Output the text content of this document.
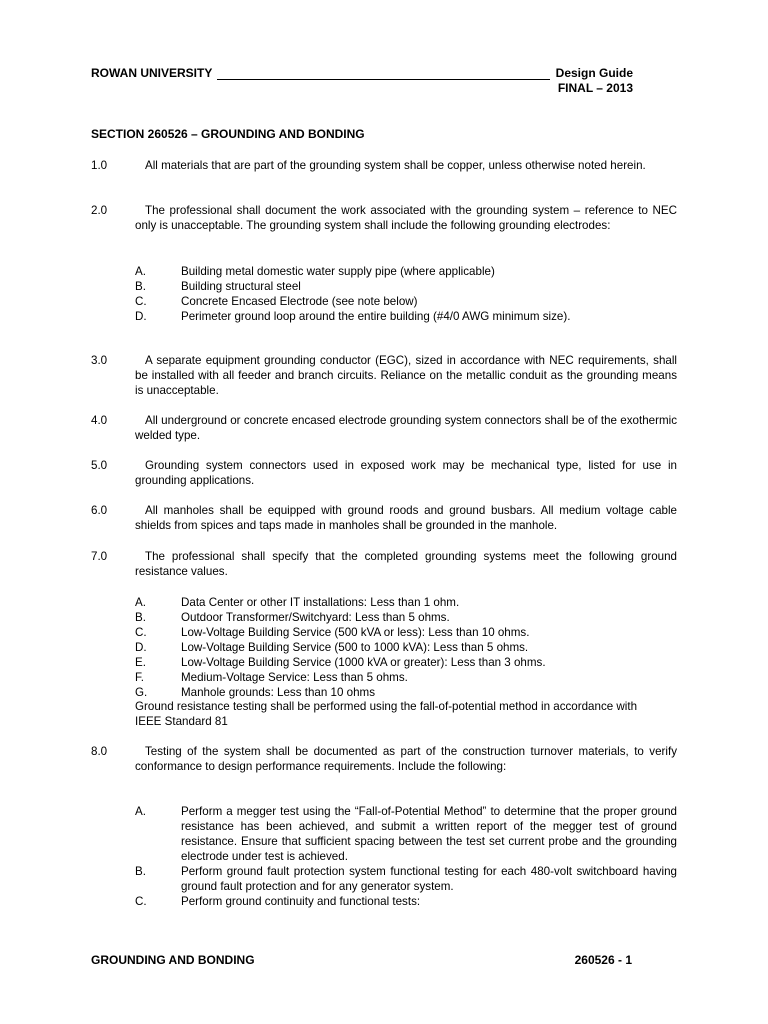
ROWAN UNIVERSITY	Design Guide
FINAL – 2013
SECTION 260526 – GROUNDING AND BONDING
1.0	All materials that are part of the grounding system shall be copper, unless otherwise noted herein.
2.0	The professional shall document the work associated with the grounding system – reference to NEC only is unacceptable. The grounding system shall include the following grounding electrodes:
A.	Building metal domestic water supply pipe (where applicable)
B.	Building structural steel
C.	Concrete Encased Electrode (see note below)
D.	Perimeter ground loop around the entire building (#4/0 AWG minimum size).
3.0	A separate equipment grounding conductor (EGC), sized in accordance with NEC requirements, shall be installed with all feeder and branch circuits. Reliance on the metallic conduit as the grounding means is unacceptable.
4.0	All underground or concrete encased electrode grounding system connectors shall be of the exothermic welded type.
5.0	Grounding system connectors used in exposed work may be mechanical type, listed for use in grounding applications.
6.0	All manholes shall be equipped with ground roods and ground busbars. All medium voltage cable shields from spices and taps made in manholes shall be grounded in the manhole.
7.0	The professional shall specify that the completed grounding systems meet the following ground resistance values.
A.	Data Center or other IT installations: Less than 1 ohm.
B.	Outdoor Transformer/Switchyard: Less than 5 ohms.
C.	Low-Voltage Building Service (500 kVA or less): Less than 10 ohms.
D.	Low-Voltage Building Service (500 to 1000 kVA): Less than 5 ohms.
E.	Low-Voltage Building Service (1000 kVA or greater): Less than 3 ohms.
F.	Medium-Voltage Service: Less than 5 ohms.
G.	Manhole grounds: Less than 10 ohms
Ground resistance testing shall be performed using the fall-of-potential method in accordance with IEEE Standard 81
8.0	Testing of the system shall be documented as part of the construction turnover materials, to verify conformance to design performance requirements. Include the following:
A.	Perform a megger test using the “Fall-of-Potential Method” to determine that the proper ground resistance has been achieved, and submit a written report of the megger test of ground resistance. Ensure that sufficient spacing between the test set current probe and the grounding electrode under test is achieved.
B.	Perform ground fault protection system functional testing for each 480-volt switchboard having ground fault protection and for any generator system.
C.	Perform ground continuity and functional tests:
GROUNDING AND BONDING	260526 - 1
